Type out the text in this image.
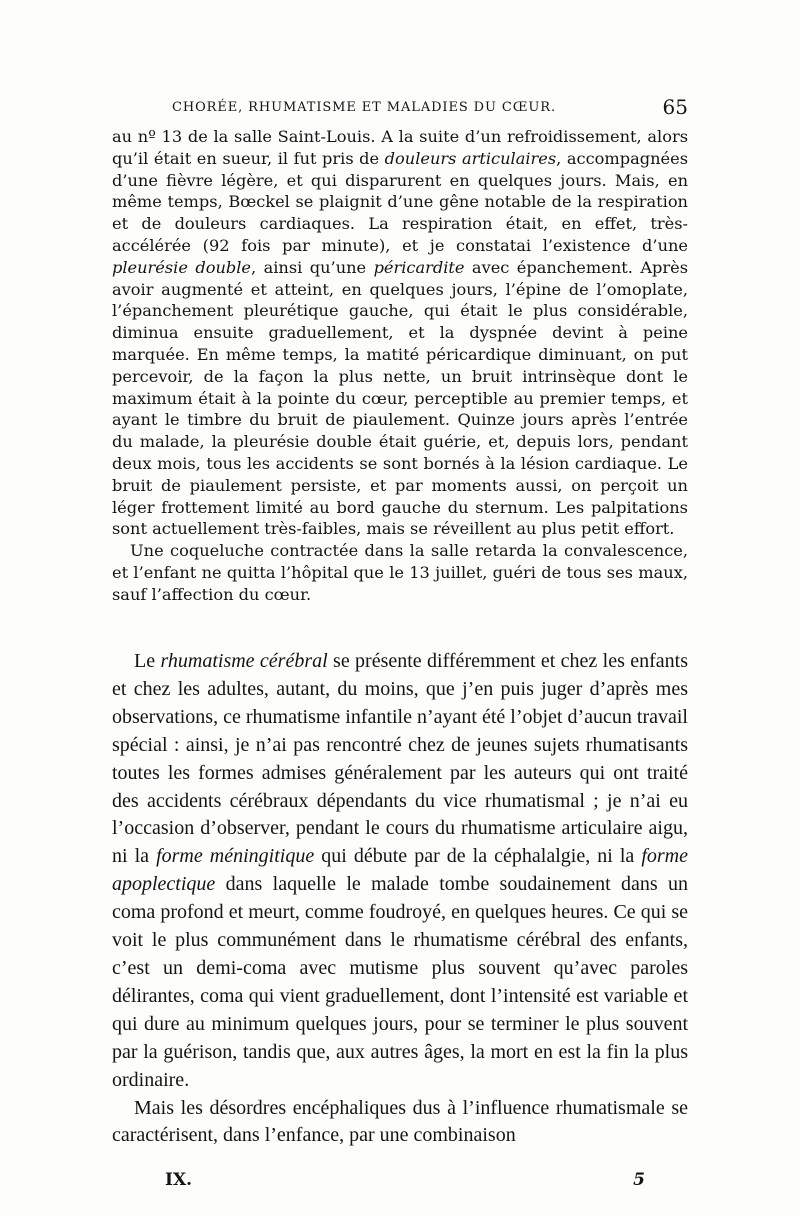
CHORÉE, RHUMATISME ET MALADIES DU CŒUR.	65

au nº 13 de la salle Saint-Louis. A la suite d’un refroidissement, alors qu’il était en sueur, il fut pris de douleurs articulaires, accompagnées d’une fièvre légère, et qui disparurent en quelques jours. Mais, en même temps, Bœckel se plaignit d’une gêne notable de la respiration et de douleurs cardiaques. La respiration était, en effet, très-accélérée (92 fois par minute), et je constatai l’existence d’une pleurésie double, ainsi qu’une péricardite avec épanchement. Après avoir augmenté et atteint, en quelques jours, l’épine de l’omoplate, l’épanchement pleurétique gauche, qui était le plus considérable, diminua ensuite graduellement, et la dyspnée devint à peine marquée. En même temps, la matité péricardique diminuant, on put percevoir, de la façon la plus nette, un bruit intrinsèque dont le maximum était à la pointe du cœur, perceptible au premier temps, et ayant le timbre du bruit de piaulement. Quinze jours après l’entrée du malade, la pleurésie double était guérie, et, depuis lors, pendant deux mois, tous les accidents se sont bornés à la lésion cardiaque. Le bruit de piaulement persiste, et par moments aussi, on perçoit un léger frottement limité au bord gauche du sternum. Les palpitations sont actuellement très-faibles, mais se réveillent au plus petit effort.

Une coqueluche contractée dans la salle retarda la convalescence, et l’enfant ne quitta l’hôpital que le 13 juillet, guéri de tous ses maux, sauf l’affection du cœur.

Le rhumatisme cérébral se présente différemment et chez les enfants et chez les adultes, autant, du moins, que j’en puis juger d’après mes observations, ce rhumatisme infantile n’ayant été l’objet d’aucun travail spécial : ainsi, je n’ai pas rencontré chez de jeunes sujets rhumatisants toutes les formes admises généralement par les auteurs qui ont traité des accidents cérébraux dépendants du vice rhumatismal ; je n’ai eu l’occasion d’observer, pendant le cours du rhumatisme articulaire aigu, ni la forme méningitique qui débute par de la céphalalgie, ni la forme apoplectique dans laquelle le malade tombe soudainement dans un coma profond et meurt, comme foudroyé, en quelques heures. Ce qui se voit le plus communément dans le rhumatisme cérébral des enfants, c’est un demi-coma avec mutisme plus souvent qu’avec paroles délirantes, coma qui vient graduellement, dont l’intensité est variable et qui dure au minimum quelques jours, pour se terminer le plus souvent par la guérison, tandis que, aux autres âges, la mort en est la fin la plus ordinaire.

Mais les désordres encéphaliques dus à l’influence rhumatismale se caractérisent, dans l’enfance, par une combinaison

IX.	5
